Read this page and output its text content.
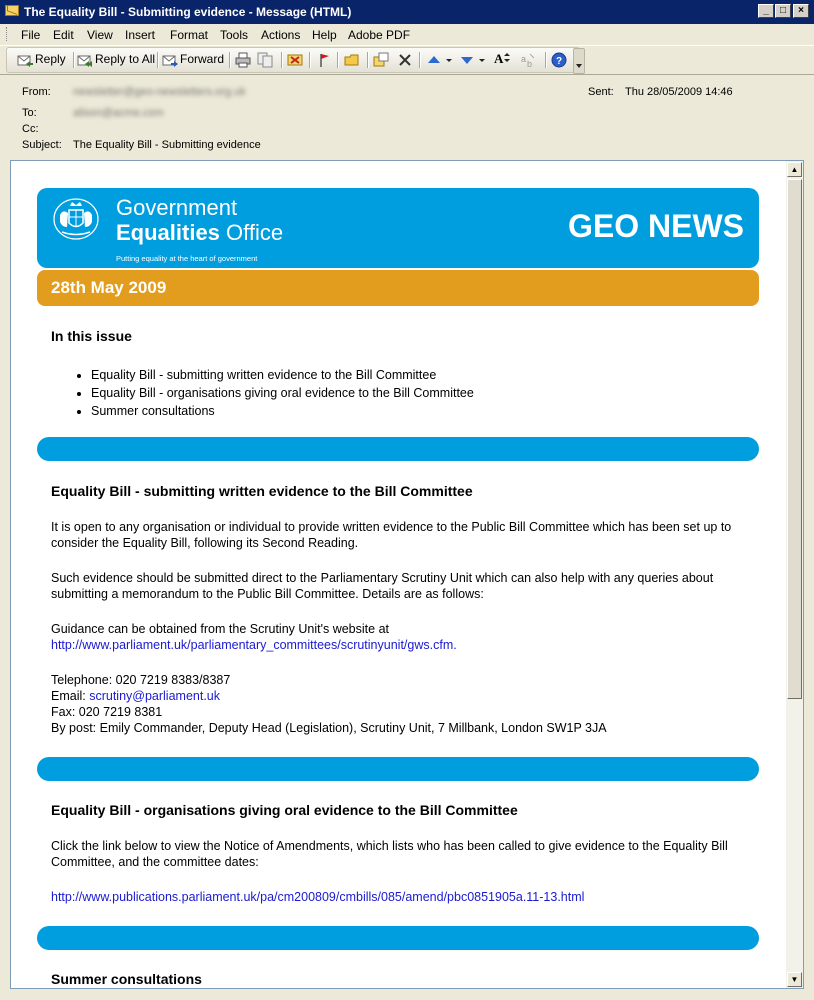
The Equality Bill - Submitting evidence - Message (HTML)	_	□	×
File Edit View Insert Format Tools Actions Help Adobe PDF
Reply Reply to All Forward	A a b ?
From: newsletter@geo-newsletters.org.uk	Sent: Thu 28/05/2009 14:46
To:	alison@acme.com
Cc:
Subject: The Equality Bill - Submitting evidence
Government
Equalities Office
Putting equality at the heart of government
GEO NEWS
28th May 2009
In this issue
• Equality Bill - submitting written evidence to the Bill Committee
• Equality Bill - organisations giving oral evidence to the Bill Committee
• Summer consultations
Equality Bill - submitting written evidence to the Bill Committee
It is open to any organisation or individual to provide written evidence to the Public Bill Committee which has been set up to consider the Equality Bill, following its Second Reading.
Such evidence should be submitted direct to the Parliamentary Scrutiny Unit which can also help with any queries about submitting a memorandum to the Public Bill Committee. Details are as follows:
Guidance can be obtained from the Scrutiny Unit's website at
http://www.parliament.uk/parliamentary_committees/scrutinyunit/gws.cfm.
Telephone: 020 7219 8383/8387
Email: scrutiny@parliament.uk
Fax: 020 7219 8381
By post: Emily Commander, Deputy Head (Legislation), Scrutiny Unit, 7 Millbank, London SW1P 3JA
Equality Bill - organisations giving oral evidence to the Bill Committee
Click the link below to view the Notice of Amendments, which lists who has been called to give evidence to the Equality Bill Committee, and the committee dates:
http://www.publications.parliament.uk/pa/cm200809/cmbills/085/amend/pbc0851905a.11-13.html
Summer consultations
▲
▼
